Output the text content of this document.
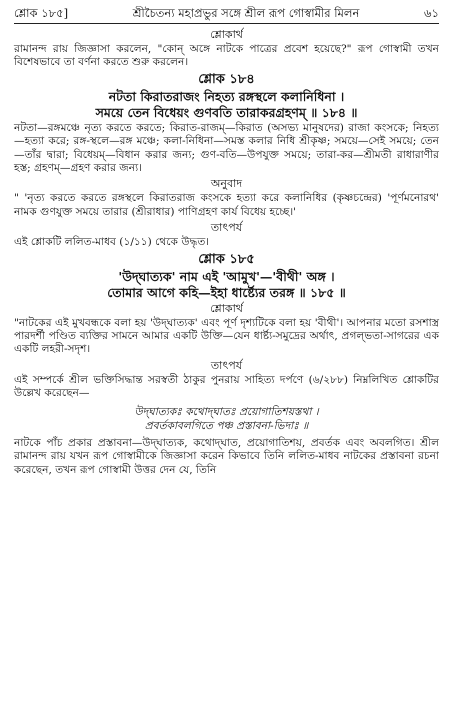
শ্লোক ১৮৫]	শ্রীচৈতন্য মহাপ্রভুর সঙ্গে শ্রীল রূপ গোস্বামীর মিলন	৬১
শ্লোকার্থ

রামানন্দ রায় জিজ্ঞাসা করলেন, "কোন্ অঙ্গে নাটকে পাত্রের প্রবেশ হয়েছে?" রূপ গোস্বামী তখন বিশেষভাবে তা বর্ণনা করতে শুরু করলেন।

শ্লোক ১৮৪
নটতা কিরাতরাজং নিহত্য রঙ্গস্থলে কলানিধিনা ।
সময়ে তেন বিধেয়ং গুণবতি তারাকরগ্রহণম্ ॥ ১৮৪ ॥

নটতা—রঙ্গমঞ্চে নৃত্য করতে করতে; কিরাত-রাজম্—কিরাত (অসভ্য মানুষদের) রাজা কংসকে; নিহত্য—হত্যা করে; রঙ্গ-স্থলে—রঙ্গ মঞ্চে; কলা-নিধিনা—সমস্ত কলার নিধি শ্রীকৃষ্ণ; সময়ে—সেই সময়ে; তেন—তাঁর দ্বারা; বিধেয়ম্—বিধান করার জন্য; গুণ-বতি—উপযুক্ত সময়ে; তারা-কর—শ্রীমতী রাধারাণীর হস্ত; গ্রহণম্—গ্রহণ করার জন্য।

অনুবাদ

" 'নৃত্য করতে করতে রঙ্গস্থলে কিরাতরাজ কংসকে হত্যা করে কলানিধির (কৃষ্ণচন্দ্রের) 'পূর্ণমনোরথ' নামক গুণযুক্ত সময়ে তারার (শ্রীরাধার) পাণিগ্রহণ কার্য বিধেয় হচ্ছে।'

তাৎপর্য

এই শ্লোকটি ললিত-মাধব (১/১১) থেকে উদ্ধৃত।

শ্লোক ১৮৫
'উদ্‌ঘাত্যক' নাম এই 'আমুখ'—'বীথী' অঙ্গ ।
তোমার আগে কহি—ইহা ধার্ষ্ট্যের তরঙ্গ ॥ ১৮৫ ॥
শ্লোকার্থ

"নাটকের এই মুখবন্ধকে বলা হয় 'উদ্‌ঘাত্যক' এবং পূর্ণ দৃশ্যটিকে বলা হয় 'বীথী'। আপনার মতো রসশাস্ত্র পারদর্শী পণ্ডিত ব্যক্তির সামনে আমার একটি উক্তি—যেন ধার্ষ্ট্য-সমুদ্রের অর্থাৎ, প্রগল্‌ভতা-সাগরের এক একটি লহরী-সদৃশ।

তাৎপর্য

এই সম্পর্কে শ্রীল ভক্তিসিদ্ধান্ত সরস্বতী ঠাকুর পুনরায় সাহিত্য দর্পণে (৬/২৮৮) নিম্নলিখিত শ্লোকটির উল্লেখ করেছেন—

উদ্‌ঘাত্যকঃ কথোদ্‌ঘাতঃ প্রয়োগাতিশয়স্তথা ।
প্রবর্তকাবলগিতে পঞ্চ প্রস্তাবনা-ভিদাঃ ॥

নাটকে পাঁচ প্রকার প্রস্তাবনা—উদ্‌ঘাত্যক, কথোদ্‌ঘাত, প্রয়োগাতিশয়, প্রবর্তক এবং অবলগিত। শ্রীল রামানন্দ রায় যখন রূপ গোস্বামীকে জিজ্ঞাসা করেন কিভাবে তিনি ললিত-মাধব নাটকের প্রস্তাবনা রচনা করেছেন, তখন রূপ গোস্বামী উত্তর দেন যে, তিনি
